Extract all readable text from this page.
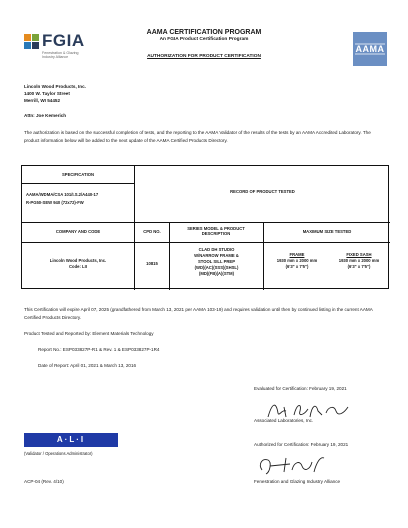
FGIA
Fenestration & Glazing Industry Alliance
AAMA CERTIFICATION PROGRAM
An FGIA Product Certification Program
AUTHORIZATION FOR PRODUCT CERTIFICATION
AAMA
Lincoln Wood Products, Inc.
1400 W. Taylor Street
Merrill, WI 54452
Attn: Joe Kemerich
The authorization is based on the successful completion of tests, and the reporting to the AAMA Validator of the results of the tests by an AAMA Accredited Laboratory. The product information below will be added to the next update of the AAMA Certified Products Directory.
SPECIFICATION
AAMA/WDMA/CSA 101/I.S.2/A440-17
R-PG50-SEW 940 (72x72)-FW
RECORD OF PRODUCT TESTED
COMPANY AND CODE	CPD NO.
SERIES MODEL & PRODUCT DESCRIPTION	MAXIMUM SIZE TESTED
Lincoln Wood Products, Inc.
Code: LII
10815
CLAD DH STUDIO
W/NARROW FRAME &
STOOL SILL PREP
(WD)(AC)(SSS)(SHSL)
(MD)(FB)(A)(STM)
FRAME
1930 mm x 2000 mm
(6'3" x 7'5")
FIXED SASH
1930 mm x 2000 mm
(6'3" x 7'5")
This Certification will expire April 07, 2025 (grandfathered from March 13, 2021 per AAMA 103-19) and requires validation until then by continued listing in the current AAMA Certified Products Directory.
Product Tested and Reported by: Element Materials Technology
Report No.: ESP033827P-R1 & Rev. 1 & ESP033827P-1R4
Date of Report: April 01, 2021 & March 13, 2016
Evaluated for Certification: February 19, 2021
Associated Laboratories, Inc.
Authorized for Certification: February 19, 2021
Fenestration and Glazing Industry Alliance
A·L·I
(Validator / Operations Administrator)
ACP-04 (Rev. 4/10)
